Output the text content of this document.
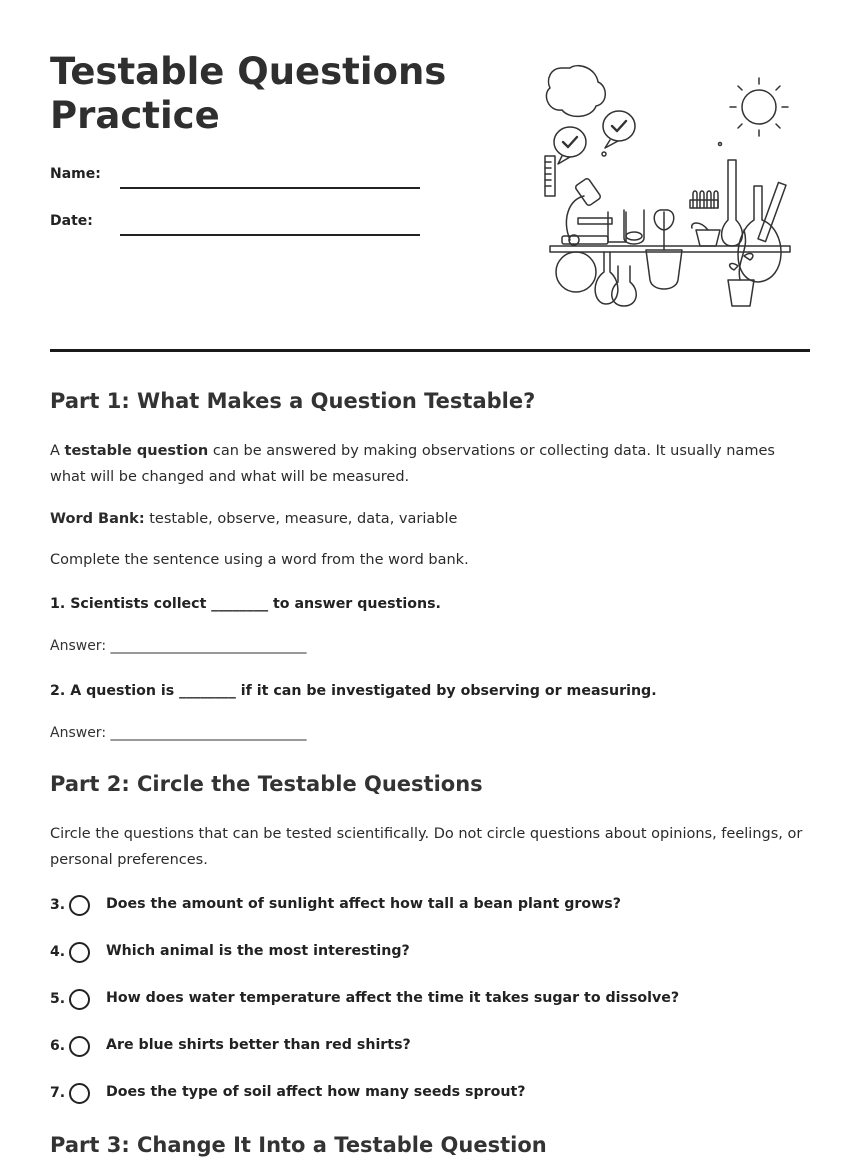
Testable Questions Practice
Name:
Date:
Part 1: What Makes a Question Testable?
A testable question can be answered by making observations or collecting data. It usually names what will be changed and what will be measured.
Word Bank: testable, observe, measure, data, variable
Complete the sentence using a word from the word bank.
1. Scientists collect ________ to answer questions.
Answer: ____________________________
2. A question is ________ if it can be investigated by observing or measuring.
Answer: ____________________________
Part 2: Circle the Testable Questions
Circle the questions that can be tested scientifically. Do not circle questions about opinions, feelings, or personal preferences.
3.	Does the amount of sunlight affect how tall a bean plant grows?
4.	Which animal is the most interesting?
5.	How does water temperature affect the time it takes sugar to dissolve?
6.	Are blue shirts better than red shirts?
7.	Does the type of soil affect how many seeds sprout?
Part 3: Change It Into a Testable Question
